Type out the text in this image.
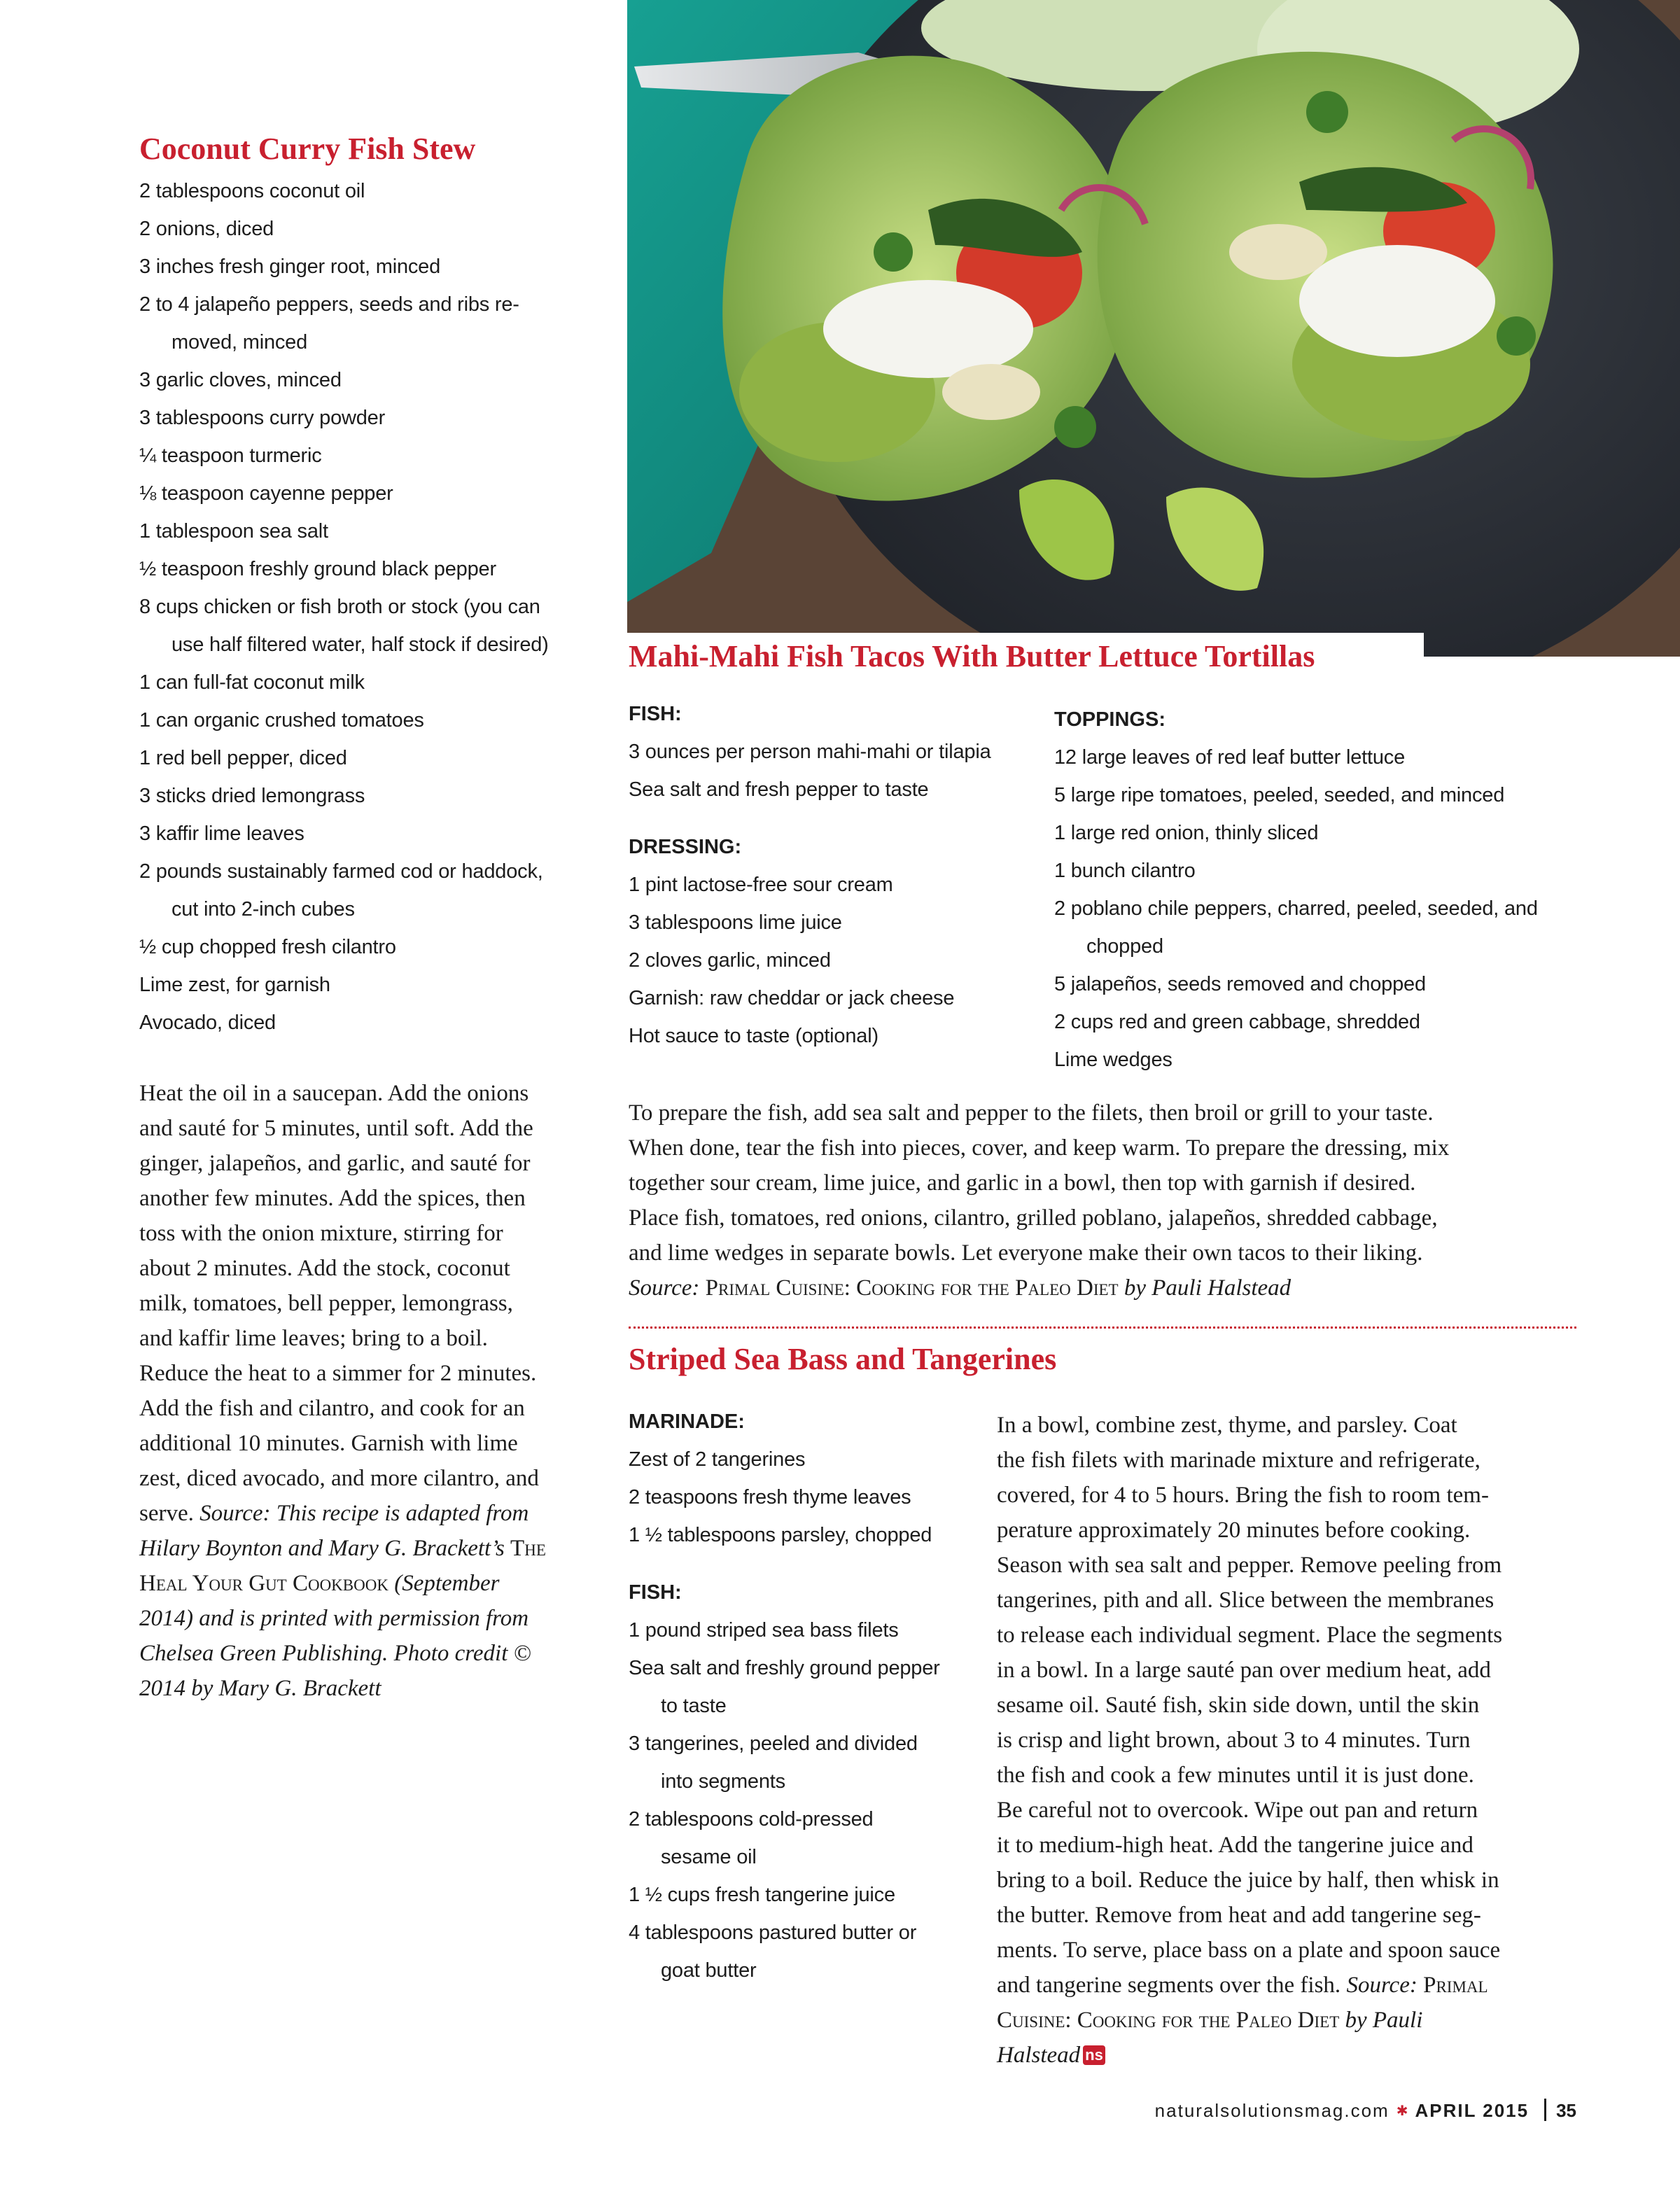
Coconut Curry Fish Stew

2 tablespoons coconut oil

2 onions, diced

3 inches fresh ginger root, minced

2 to 4 jalapeño peppers, seeds and ribs re-

moved, minced

3 garlic cloves, minced

3 tablespoons curry powder

¼ teaspoon turmeric

⅛ teaspoon cayenne pepper

1 tablespoon sea salt

½ teaspoon freshly ground black pepper

8 cups chicken or fish broth or stock (you can

use half filtered water, half stock if desired)

1 can full-fat coconut milk

1 can organic crushed tomatoes

1 red bell pepper, diced

3 sticks dried lemongrass

3 kaffir lime leaves

2 pounds sustainably farmed cod or haddock,

cut into 2-inch cubes

½ cup chopped fresh cilantro

Lime zest, for garnish

Avocado, diced

Heat the oil in a saucepan. Add the onions

and sauté for 5 minutes, until soft. Add the

ginger, jalapeños, and garlic, and sauté for

another few minutes. Add the spices, then

toss with the onion mixture, stirring for

about 2 minutes. Add the stock, coconut

milk, tomatoes, bell pepper, lemongrass,

and kaffir lime leaves; bring to a boil.

Reduce the heat to a simmer for 2 minutes.

Add the fish and cilantro, and cook for an

additional 10 minutes. Garnish with lime

zest, diced avocado, and more cilantro, and

serve. Source: This recipe is adapted from

Hilary Boynton and Mary G. Brackett’s The

Heal Your Gut Cookbook (September

2014) and is printed with permission from

Chelsea Green Publishing. Photo credit ©

2014 by Mary G. Brackett

Mahi-Mahi Fish Tacos With Butter Lettuce Tortillas
FISH:

3 ounces per person mahi-mahi or tilapia

Sea salt and fresh pepper to taste

DRESSING:

1 pint lactose-free sour cream

3 tablespoons lime juice

2 cloves garlic, minced

Garnish: raw cheddar or jack cheese

Hot sauce to taste (optional)

TOPPINGS:

12 large leaves of red leaf butter lettuce

5 large ripe tomatoes, peeled, seeded, and minced

1 large red onion, thinly sliced

1 bunch cilantro

2 poblano chile peppers, charred, peeled, seeded, and

chopped

5 jalapeños, seeds removed and chopped

2 cups red and green cabbage, shredded

Lime wedges

To prepare the fish, add sea salt and pepper to the filets, then broil or grill to your taste.

When done, tear the fish into pieces, cover, and keep warm. To prepare the dressing, mix

together sour cream, lime juice, and garlic in a bowl, then top with garnish if desired.

Place fish, tomatoes, red onions, cilantro, grilled poblano, jalapeños, shredded cabbage,

and lime wedges in separate bowls. Let everyone make their own tacos to their liking.

Source: Primal Cuisine: Cooking for the Paleo Diet by Pauli Halstead

Striped Sea Bass and Tangerines
MARINADE:

Zest of 2 tangerines

2 teaspoons fresh thyme leaves

1 ½ tablespoons parsley, chopped

FISH:

1 pound striped sea bass filets

Sea salt and freshly ground pepper

to taste

3 tangerines, peeled and divided

into segments

2 tablespoons cold-pressed

sesame oil

1 ½ cups fresh tangerine juice

4 tablespoons pastured butter or

goat butter

In a bowl, combine zest, thyme, and parsley. Coat

the fish filets with marinade mixture and refrigerate,

covered, for 4 to 5 hours. Bring the fish to room tem-

perature approximately 20 minutes before cooking.

Season with sea salt and pepper. Remove peeling from

tangerines, pith and all. Slice between the membranes

to release each individual segment. Place the segments

in a bowl. In a large sauté pan over medium heat, add

sesame oil. Sauté fish, skin side down, until the skin

is crisp and light brown, about 3 to 4 minutes. Turn

the fish and cook a few minutes until it is just done.

Be careful not to overcook. Wipe out pan and return

it to medium-high heat. Add the tangerine juice and

bring to a boil. Reduce the juice by half, then whisk in

the butter. Remove from heat and add tangerine seg-

ments. To serve, place bass on a plate and spoon sauce

and tangerine segments over the fish. Source: Primal

Cuisine: Cooking for the Paleo Diet by Pauli

Halstead ns

naturalsolutionsmag.com ✱ APRIL 2015 35
